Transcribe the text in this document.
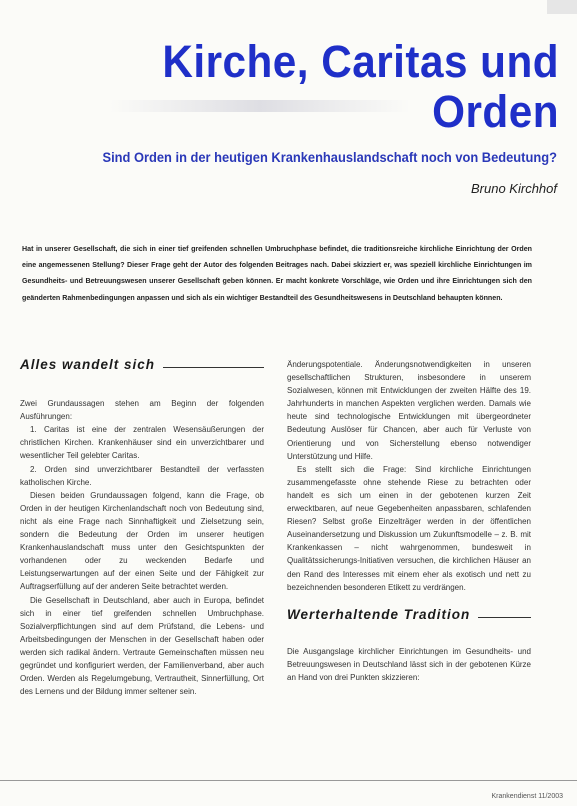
Kirche, Caritas und
Orden
Sind Orden in der heutigen Krankenhauslandschaft noch von Bedeutung?
Bruno Kirchhof

Hat in unserer Gesellschaft, die sich in einer tief greifenden schnellen Umbruchphase befindet, die traditionsreiche kirchliche Einrichtung der Orden eine angemessenen Stellung? Dieser Frage geht der Autor des folgenden Beitrages nach. Dabei skizziert er, was speziell kirchliche Einrichtungen im Gesundheits- und Betreuungswesen unserer Gesellschaft geben können. Er macht konkrete Vorschläge, wie Orden und ihre Einrichtungen sich den geänderten Rahmenbedingungen anpassen und sich als ein wichtiger Bestandteil des Gesundheitswesens in Deutschland behaupten können.

Alles wandelt sich

Zwei Grundaussagen stehen am Beginn der folgenden Ausführungen:

1. Caritas ist eine der zentralen Wesensäußerungen der christlichen Kirchen. Krankenhäuser sind ein unverzichtbarer und wesentlicher Teil gelebter Caritas.

2. Orden sind unverzichtbarer Bestandteil der verfassten katholischen Kirche.

Diesen beiden Grundaussagen folgend, kann die Frage, ob Orden in der heutigen Kirchenlandschaft noch von Bedeutung sind, nicht als eine Frage nach Sinnhaftigkeit und Zielsetzung sein, sondern die Bedeutung der Orden im unserer heutigen Krankenhauslandschaft muss unter den Gesichtspunkten der vorhandenen oder zu weckenden Bedarfe und Leistungserwartungen auf der einen Seite und der Fähigkeit zur Auftragserfüllung auf der anderen Seite betrachtet werden.

Die Gesellschaft in Deutschland, aber auch in Europa, befindet sich in einer tief greifenden schnellen Umbruchphase. Sozialverpflichtungen sind auf dem Prüfstand, die Lebens- und Arbeitsbedingungen der Menschen in der Gesellschaft haben oder werden sich radikal ändern. Vertraute Gemeinschaften müssen neu gegründet und konfiguriert werden, der Familienverband, aber auch Orden. Werden als Regelumgebung, Vertrautheit, Sinnerfüllung, Ort des Lernens und der Bildung immer seltener sein.

Änderungspotentiale. Änderungsnotwendigkeiten in unseren gesellschaftlichen Strukturen, insbesondere in unserem Sozialwesen, können mit Entwicklungen der zweiten Hälfte des 19. Jahrhunderts in manchen Aspekten verglichen werden. Damals wie heute sind technologische Entwicklungen mit übergeordneter Bedeutung Auslöser für Chancen, aber auch für Verluste von Orientierung und von Sicherstellung ebenso notwendiger Unterstützung und Hilfe.

Es stellt sich die Frage: Sind kirchliche Einrichtungen zusammengefasste ohne stehende Riese zu betrachten oder handelt es sich um einen in der gebotenen kurzen Zeit erwecktbaren, auf neue Gegebenheiten anpassbaren, schlafenden Riesen? Selbst große Einzelträger werden in der öffentlichen Auseinandersetzung und Diskussion um Zukunftsmodelle – z. B. mit Krankenkassen – nicht wahrgenommen, bundesweit in Qualitätssicherungs-Initiativen versuchen, die kirchlichen Häuser an den Rand des Interesses mit einem eher als exotisch und nett zu bezeichnenden besonderen Etikett zu verdrängen.

Werterhaltende Tradition

Die Ausgangslage kirchlicher Einrichtungen im Gesundheits- und Betreuungswesen in Deutschland lässt sich in der gebotenen Kürze an Hand von drei Punkten skizzieren:

Krankendienst 11/2003
